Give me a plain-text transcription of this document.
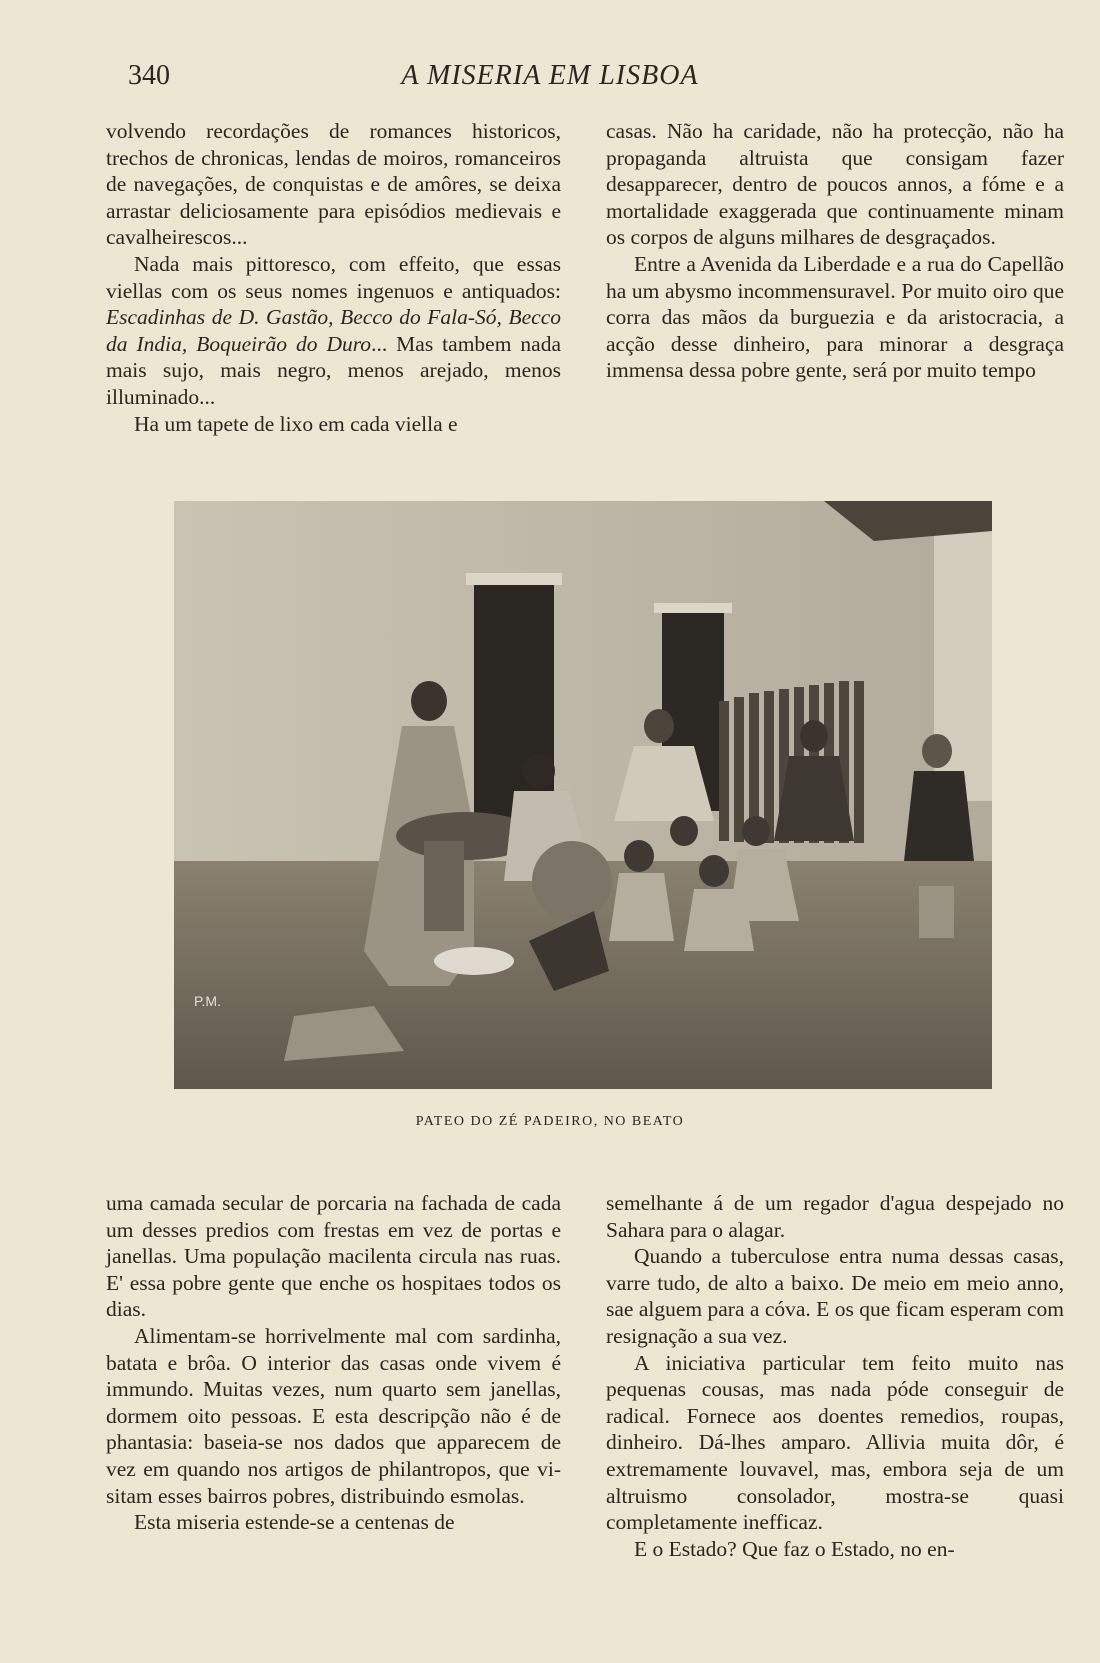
340	A MISERIA EM LISBOA

volvendo recordações de romances historicos, trechos de chronicas, lendas de moiros, romanceiros de navegações, de conquistas e de amôres, se deixa arrastar deliciosamente para episódios medievais e cavalheirescos...

Nada mais pittoresco, com effeito, que essas viellas com os seus nomes ingenuos e antiquados: Escadinhas de D. Gastão, Becco do Fala-Só, Becco da India, Boqueirão do Duro... Mas tambem nada mais sujo, mais negro, menos arejado, menos illuminado...

Ha um tapete de lixo em cada viella e

casas. Não ha caridade, não ha protecção, não ha propaganda altruista que consigam fazer desapparecer, dentro de poucos annos, a fóme e a mortalidade exaggerada que continuamente minam os corpos de alguns milhares de desgraçados.

Entre a Avenida da Liberdade e a rua do Capellão ha um abysmo incommensuravel. Por muito oiro que corra das mãos da burguezia e da aristocracia, a acção desse dinheiro, para minorar a desgraça immensa dessa pobre gente, será por muito tempo

P.M.
PATEO DO ZÉ PADEIRO, NO BEATO

uma camada secular de porcaria na fachada de cada um desses predios com frestas em vez de portas e janellas. Uma população macilenta circula nas ruas. E' essa pobre gente que enche os hospitaes todos os dias.

Alimentam-se horrivelmente mal com sardinha, batata e brôa. O interior das casas onde vivem é immundo. Muitas vezes, num quarto sem janellas, dormem oito pessoas. E esta descripção não é de phantasia: baseia-se nos dados que apparecem de vez em quando nos artigos de philantropos, que visitam esses bairros pobres, distribuindo esmolas.

Esta miseria estende-se a centenas de

semelhante á de um regador d'agua despejado no Sahara para o alagar.

Quando a tuberculose entra numa dessas casas, varre tudo, de alto a baixo. De meio em meio anno, sae alguem para a cóva. E os que ficam esperam com resignação a sua vez.

A iniciativa particular tem feito muito nas pequenas cousas, mas nada póde conseguir de radical. Fornece aos doentes remedios, roupas, dinheiro. Dá-lhes amparo. Allivia muita dôr, é extremamente louvavel, mas, embora seja de um altruismo consolador, mostra-se quasi completamente inefficaz.

E o Estado? Que faz o Estado, no en-
